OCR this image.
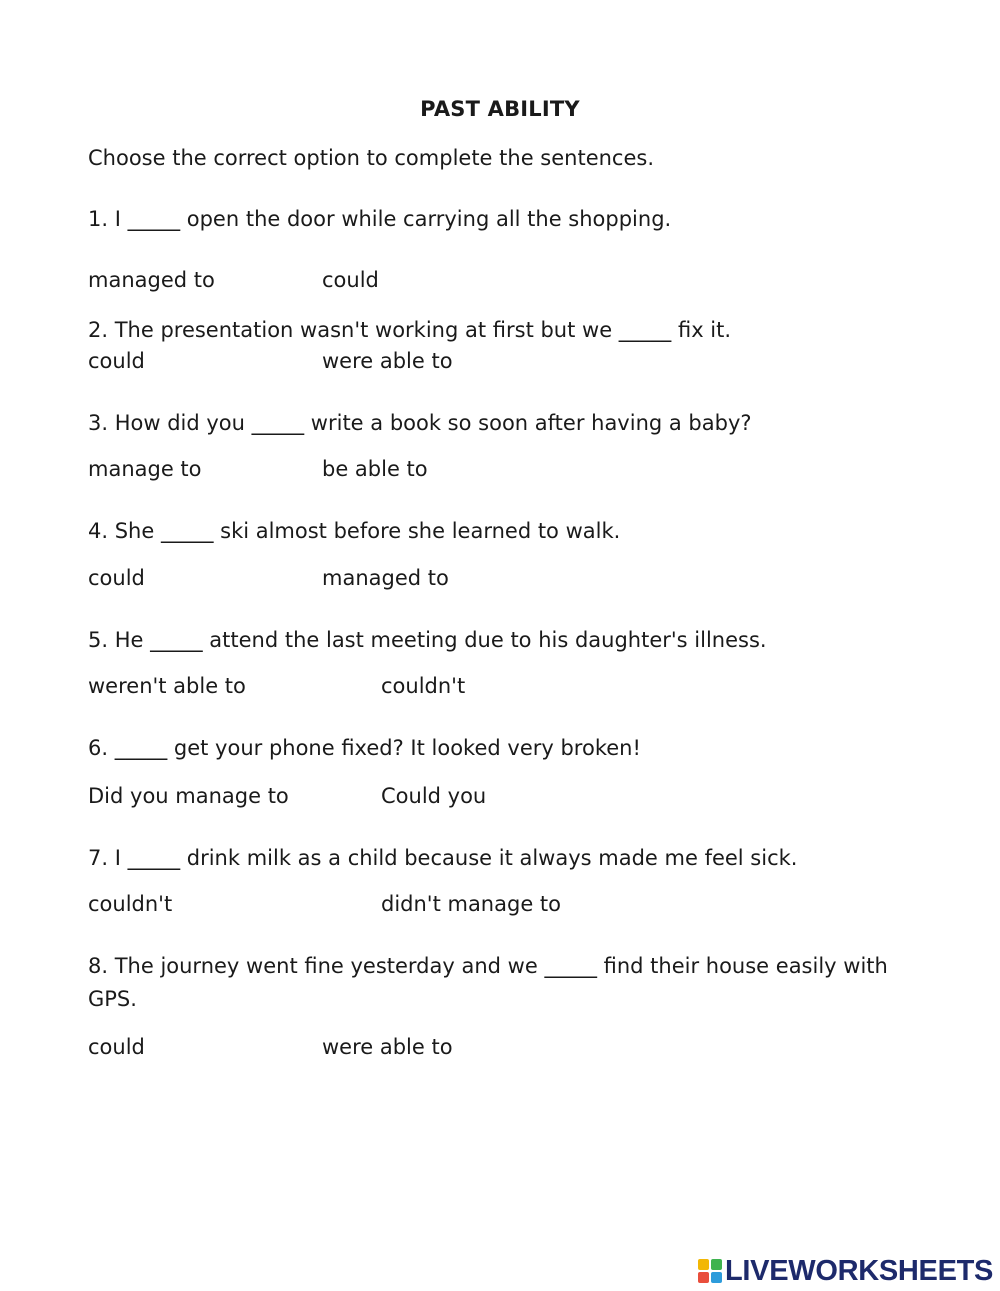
PAST ABILITY
Choose the correct option to complete the sentences.
1. I _____ open the door while carrying all the shopping.
managed to	could
2. The presentation wasn't working at first but we _____ fix it.
could	were able to
3. How did you _____ write a book so soon after having a baby?
manage to	be able to
4. She _____ ski almost before she learned to walk.
could	managed to
5. He _____ attend the last meeting due to his daughter's illness.
weren't able to	couldn't
6. _____ get your phone fixed? It looked very broken!
Did you manage to	Could you
7. I _____ drink milk as a child because it always made me feel sick.
couldn't	didn't manage to
8. The journey went fine yesterday and we _____ find their house easily with GPS.
could	were able to
LIVEWORKSHEETS
